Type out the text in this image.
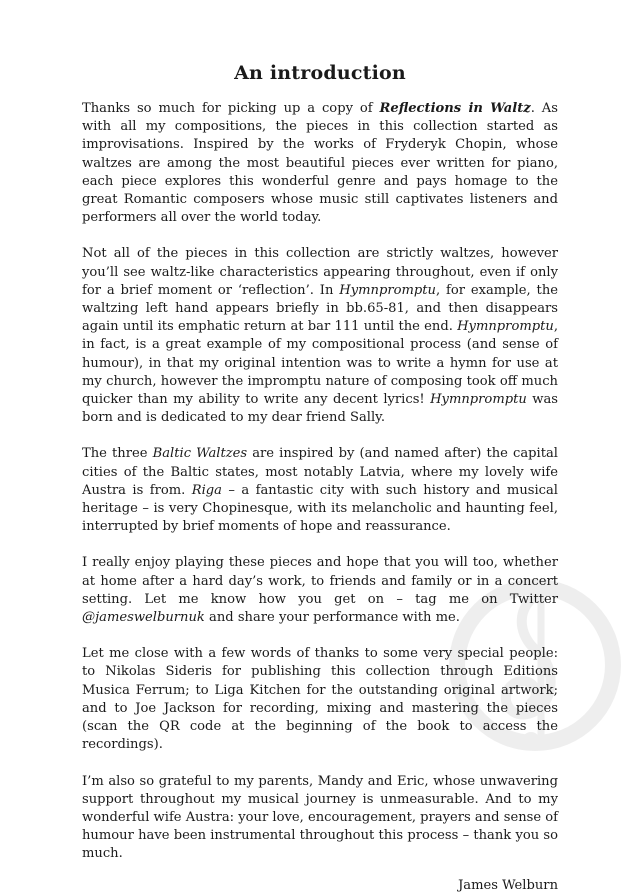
An introduction

Thanks so much for picking up a copy of Reflections in Waltz. As with all my compositions, the pieces in this collection started as improvisations. Inspired by the works of Fryderyk Chopin, whose waltzes are among the most beautiful pieces ever written for piano, each piece explores this wonderful genre and pays homage to the great Romantic composers whose music still captivates listeners and performers all over the world today.

Not all of the pieces in this collection are strictly waltzes, however you’ll see waltz-like characteristics appearing throughout, even if only for a brief moment or ‘reflection’. In Hymnpromptu, for example, the waltzing left hand appears briefly in bb.65-81, and then disappears again until its emphatic return at bar 111 until the end. Hymnpromptu, in fact, is a great example of my compositional process (and sense of humour), in that my original intention was to write a hymn for use at my church, however the impromptu nature of composing took off much quicker than my ability to write any decent lyrics! Hymnpromptu was born and is dedicated to my dear friend Sally.

The three Baltic Waltzes are inspired by (and named after) the capital cities of the Baltic states, most notably Latvia, where my lovely wife Austra is from. Riga – a fantastic city with such history and musical heritage – is very Chopinesque, with its melancholic and haunting feel, interrupted by brief moments of hope and reassurance.

I really enjoy playing these pieces and hope that you will too, whether at home after a hard day’s work, to friends and family or in a concert setting. Let me know how you get on – tag me on Twitter @jameswelburnuk and share your performance with me.

Let me close with a few words of thanks to some very special people: to Nikolas Sideris for publishing this collection through Editions Musica Ferrum; to Liga Kitchen for the outstanding original artwork; and to Joe Jackson for recording, mixing and mastering the pieces (scan the QR code at the beginning of the book to access the recordings).

I’m also so grateful to my parents, Mandy and Eric, whose unwavering support throughout my musical journey is unmeasurable. And to my wonderful wife Austra: your love, encouragement, prayers and sense of humour have been instrumental throughout this process – thank you so much.

James Welburn
